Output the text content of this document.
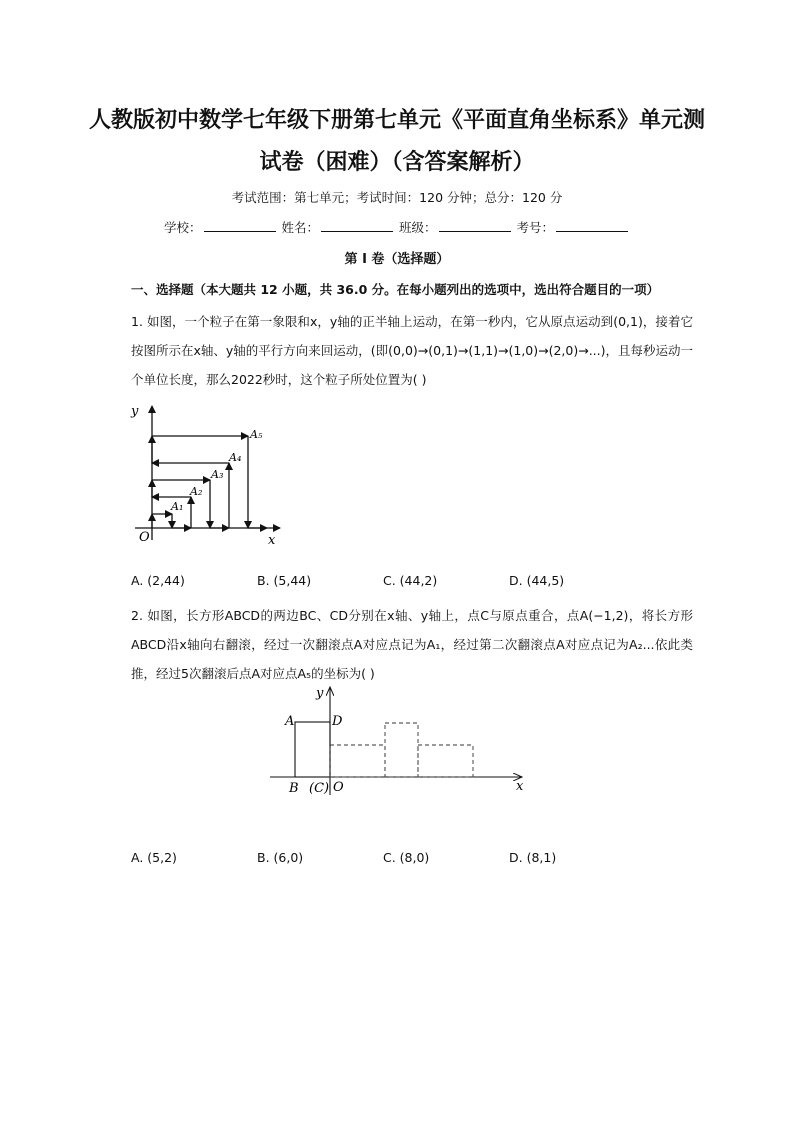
人教版初中数学七年级下册第七单元《平面直角坐标系》单元测试卷（困难）（含答案解析）
考试范围：第七单元；考试时间：120 分钟；总分：120 分
学校：	姓名：	班级：	考号：
第 I 卷（选择题）
一、选择题（本大题共 12 小题，共 36.0 分。在每小题列出的选项中，选出符合题目的一项）
1. 如图，一个粒子在第一象限和x，y轴的正半轴上运动，在第一秒内，它从原点运动到(0,1)，接着它按图所示在x轴、y轴的平行方向来回运动，(即(0,0)→(0,1)→(1,1)→(1,0)→(2,0)→...)，且每秒运动一个单位长度，那么2022秒时，这个粒子所处位置为( )
y
x
O
A₁
A₂
A₃
A₄
A₅
A. (2,44)	B. (5,44)	C. (44,2)	D. (44,5)
2. 如图，长方形ABCD的两边BC、CD分别在x轴、y轴上，点C与原点重合，点A(−1,2)，将长方形ABCD沿x轴向右翻滚，经过一次翻滚点A对应点记为A₁，经过第二次翻滚点A对应点记为A₂...依此类推，经过5次翻滚后点A对应点A₅的坐标为( )
y
x
A	D
B (C) O
A. (5,2)	B. (6,0)	C. (8,0)	D. (8,1)
